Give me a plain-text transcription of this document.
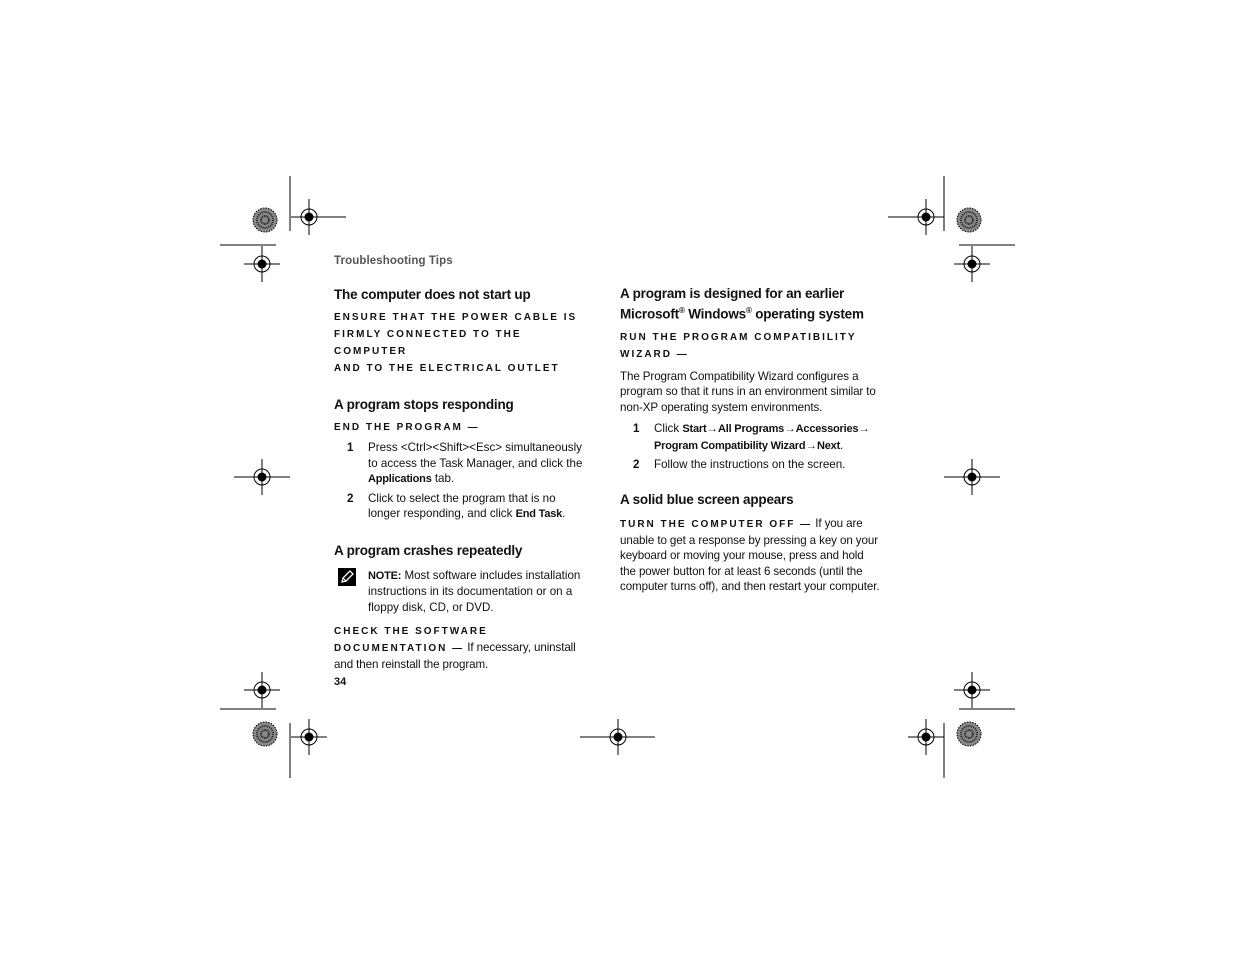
Troubleshooting Tips
The computer does not start up
ENSURE THAT THE POWER CABLE IS
FIRMLY CONNECTED TO THE COMPUTER
AND TO THE ELECTRICAL OUTLET
A program stops responding
END THE PROGRAM —
1 Press <Ctrl><Shift><Esc> simultaneously to access the Task Manager, and click the Applications tab.
2 Click to select the program that is no longer responding, and click End Task.
A program crashes repeatedly
NOTE: Most software includes installation instructions in its documentation or on a floppy disk, CD, or DVD.
CHECK THE SOFTWARE

DOCUMENTATION — If necessary, uninstall and then reinstall the program.

A program is designed for an earlier Microsoft® Windows® operating system
RUN THE PROGRAM COMPATIBILITY
WIZARD —

The Program Compatibility Wizard configures a program so that it runs in an environment similar to non-XP operating system environments.

1 Click Start→All Programs→Accessories→ Program Compatibility Wizard→Next.
2 Follow the instructions on the screen.
A solid blue screen appears

TURN THE COMPUTER OFF — If you are unable to get a response by pressing a key on your keyboard or moving your mouse, press and hold the power button for at least 6 seconds (until the computer turns off), and then restart your computer.

34
